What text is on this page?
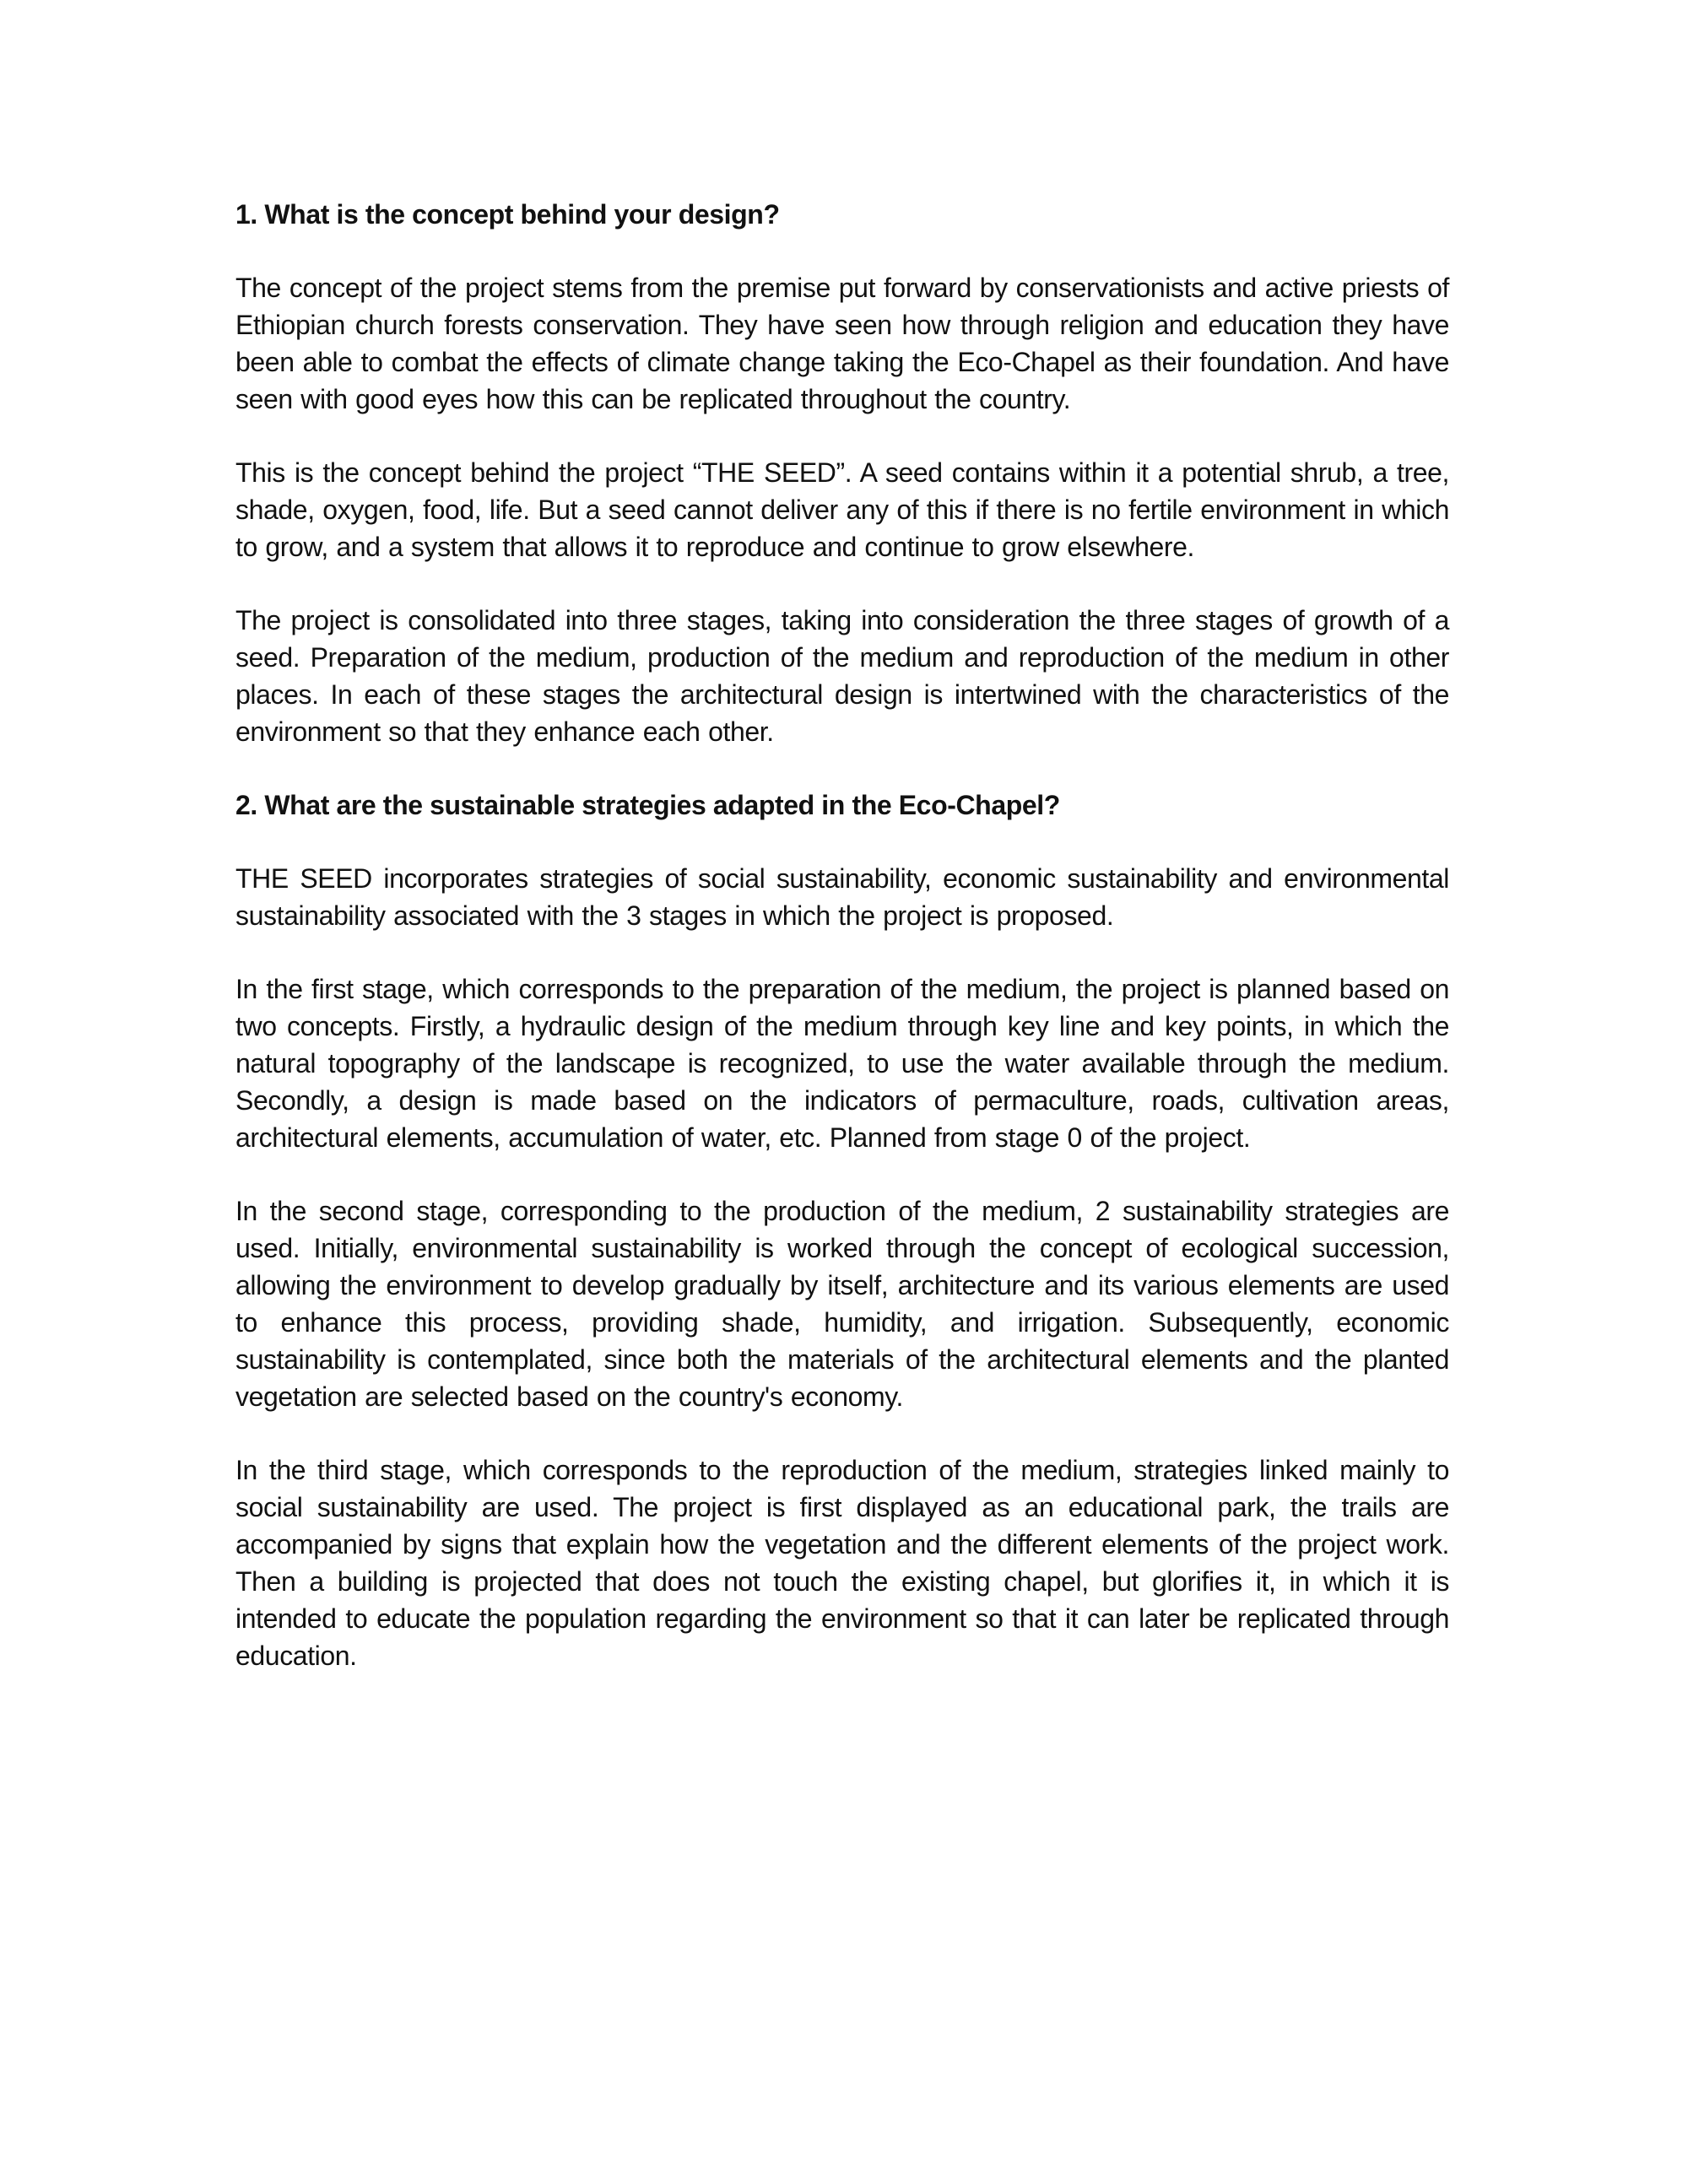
1. What is the concept behind your design?

The concept of the project stems from the premise put forward by conservationists and active priests of Ethiopian church forests conservation. They have seen how through religion and education they have been able to combat the effects of climate change taking the Eco-Chapel as their foundation. And have seen with good eyes how this can be replicated throughout the country.

This is the concept behind the project “THE SEED”. A seed contains within it a potential shrub, a tree, shade, oxygen, food, life. But a seed cannot deliver any of this if there is no fertile environment in which to grow, and a system that allows it to reproduce and continue to grow elsewhere.

The project is consolidated into three stages, taking into consideration the three stages of growth of a seed. Preparation of the medium, production of the medium and reproduction of the medium in other places. In each of these stages the architectural design is intertwined with the characteristics of the environment so that they enhance each other.

2. What are the sustainable strategies adapted in the Eco-Chapel?

THE SEED incorporates strategies of social sustainability, economic sustainability and environmental sustainability associated with the 3 stages in which the project is proposed.

In the first stage, which corresponds to the preparation of the medium, the project is planned based on two concepts. Firstly, a hydraulic design of the medium through key line and key points, in which the natural topography of the landscape is recognized, to use the water available through the medium. Secondly, a design is made based on the indicators of permaculture, roads, cultivation areas, architectural elements, accumulation of water, etc. Planned from stage 0 of the project.

In the second stage, corresponding to the production of the medium, 2 sustainability strategies are used. Initially, environmental sustainability is worked through the concept of ecological succession, allowing the environment to develop gradually by itself, architecture and its various elements are used to enhance this process, providing shade, humidity, and irrigation. Subsequently, economic sustainability is contemplated, since both the materials of the architectural elements and the planted vegetation are selected based on the country's economy.

In the third stage, which corresponds to the reproduction of the medium, strategies linked mainly to social sustainability are used. The project is first displayed as an educational park, the trails are accompanied by signs that explain how the vegetation and the different elements of the project work. Then a building is projected that does not touch the existing chapel, but glorifies it, in which it is intended to educate the population regarding the environment so that it can later be replicated through education.
